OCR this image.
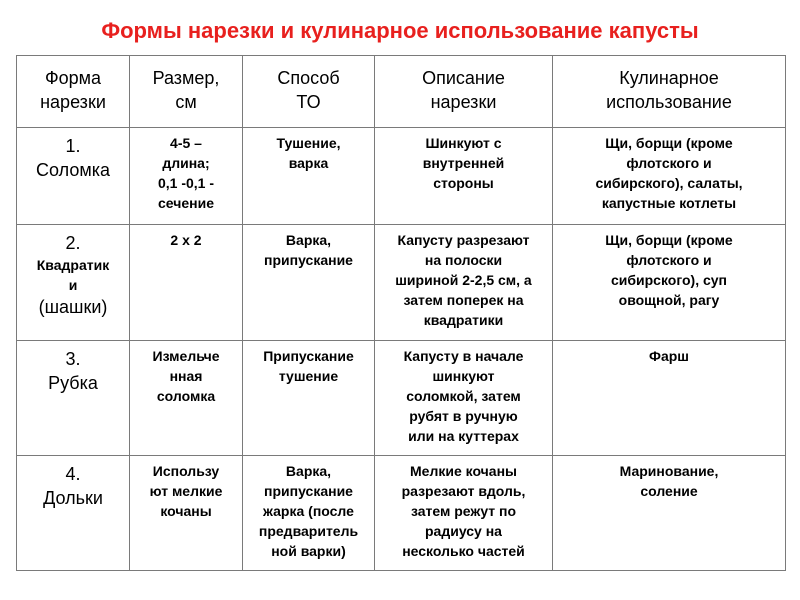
Формы нарезки и кулинарное использование капусты
Форма
нарезки	Размер,
см	Способ
ТО	Описание
нарезки	Кулинарное
использование

1.
Соломка	4-5 –
длина;
0,1 -0,1 -
сечение	Тушение,
варка	Шинкуют с
внутренней
стороны	Щи, борщи (кроме
флотского и
сибирского), салаты,
капустные котлеты

2.
Квадратик
и
(шашки)	2 х 2	Варка,
припускание	Капусту разрезают
на полоски
шириной 2-2,5 см, а
затем поперек на
квадратики	Щи, борщи (кроме
флотского и
сибирского), суп
овощной, рагу

3.
Рубка	Измельче
нная
соломка	Припускание
тушение	Капусту в начале
шинкуют
соломкой, затем
рубят в ручную
или на куттерах	Фарш

4.
Дольки	Использу
ют мелкие
кочаны	Варка,
припускание
жарка (после
предваритель
ной варки)	Мелкие кочаны
разрезают вдоль,
затем режут по
радиусу на
несколько частей	Маринование,
соление
